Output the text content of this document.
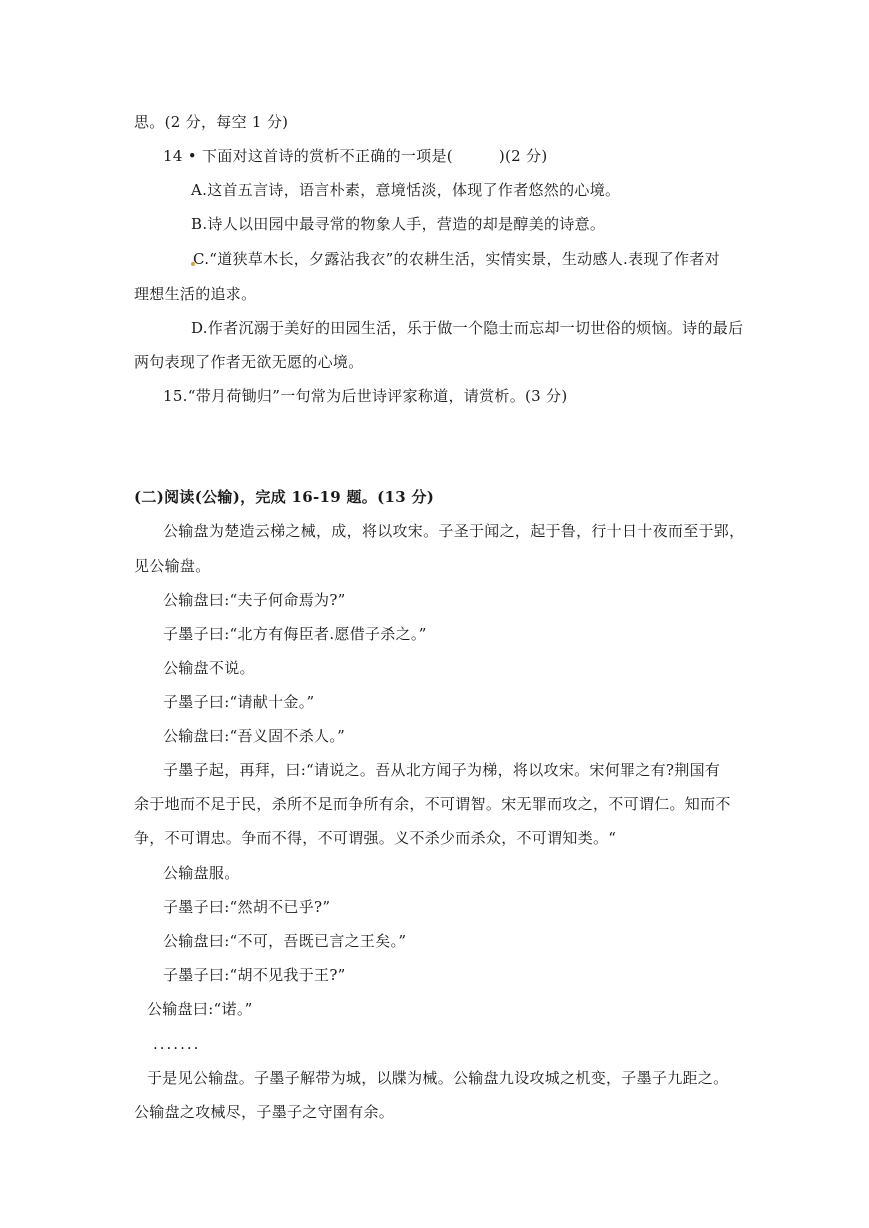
思。(2 分，每空 1 分)
14 • 下面对这首诗的赏析不正确的一项是(　　　)(2 分)
A.这首五言诗，语言朴素，意境恬淡，体现了作者悠然的心境。
B.诗人以田园中最寻常的物象人手，营造的却是醇美的诗意。
C.“道狭草木长，夕露沾我衣”的农耕生活，实情实景，生动感人.表现了作者对
理想生活的追求。
D.作者沉溺于美好的田园生活，乐于做一个隐士而忘却一切世俗的烦恼。诗的最后
两句表现了作者无欲无愿的心境。
15.“带月荷锄归”一句常为后世诗评家称道，请赏析。(3 分)
(二)阅读(公输)，完成 16-19 题。(13 分)
公输盘为楚造云梯之械，成，将以攻宋。子圣于闻之，起于鲁，行十日十夜而至于郢，
见公输盘。
公输盘曰:“夫子何命焉为?”
子墨子曰:“北方有侮臣者.愿借子杀之。”
公输盘不说。
子墨子曰:“请献十金。”
公输盘曰:“吾义固不杀人。”
子墨子起，再拜，曰:“请说之。吾从北方闻子为梯，将以攻宋。宋何罪之有?荆国有
余于地而不足于民，杀所不足而争所有余，不可谓智。宋无罪而攻之，不可谓仁。知而不
争，不可谓忠。争而不得，不可谓强。义不杀少而杀众，不可谓知类。“
公输盘服。
子墨子曰:“然胡不已乎?”
公输盘曰:“不可，吾既已言之王矣。”
子墨子曰:“胡不见我于王?”
公输盘曰:“诺。”
.......
于是见公输盘。子墨子解带为城，以牒为械。公输盘九设攻城之机变，子墨子九距之。
公输盘之攻械尽，子墨子之守圉有余。
